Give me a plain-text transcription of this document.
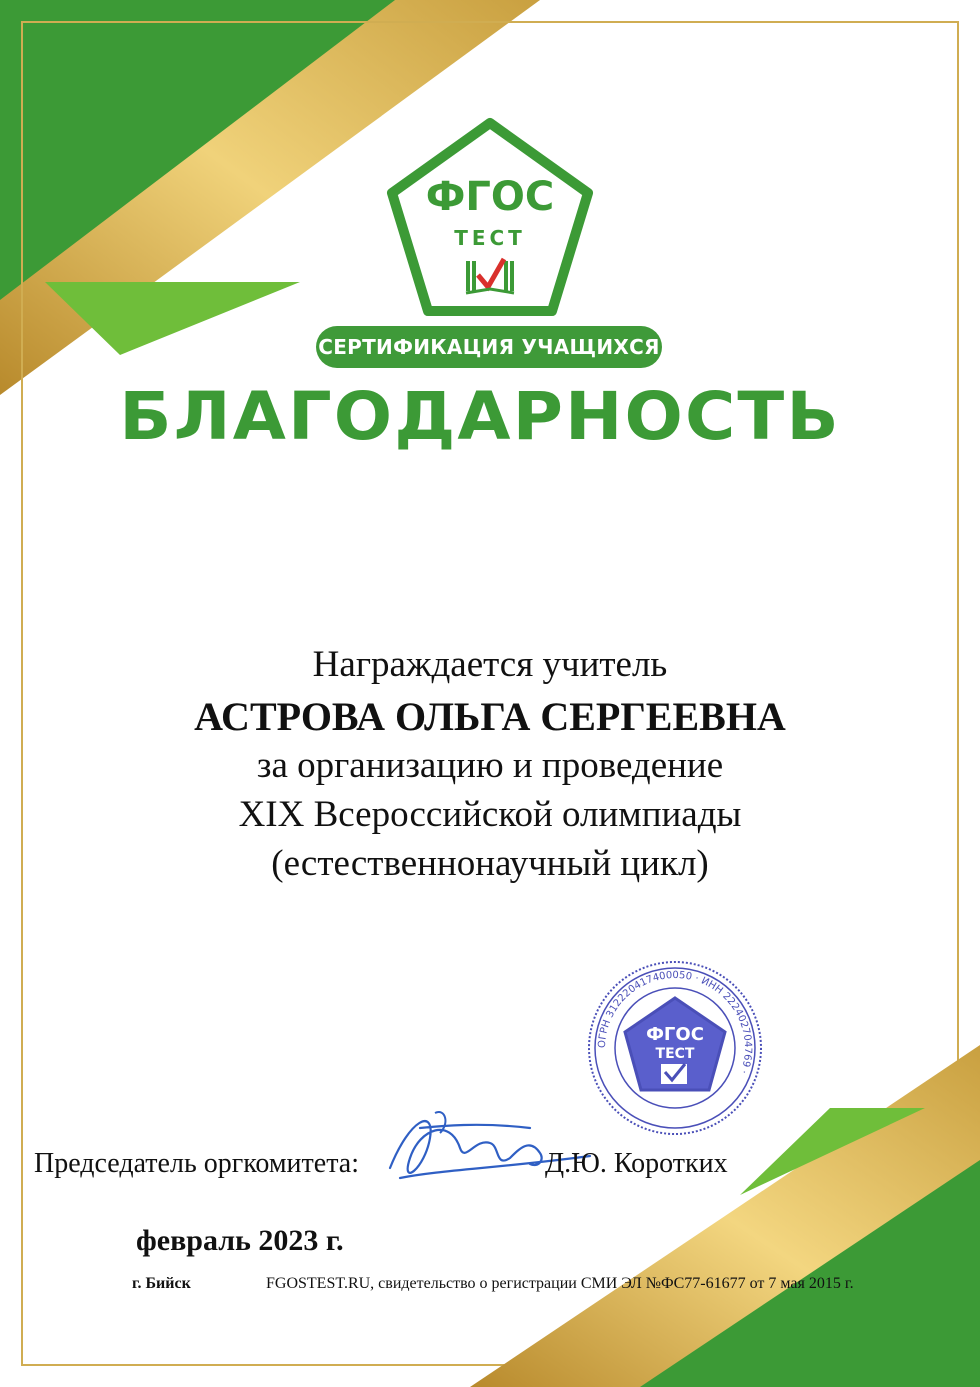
ФГОС
ТЕСТ
СЕРТИФИКАЦИЯ УЧАЩИХСЯ
БЛАГОДАРНОСТЬ
Награждается учитель
АСТРОВА ОЛЬГА СЕРГЕЕВНА
за организацию и проведение
XIX Всероссийской олимпиады
(естественнонаучный цикл)
ОГРН 312220417400050 · ИНН 222402704769 ·
ФГОС
ТЕСТ
Председатель оргкомитета:	Д.Ю. Коротких
февраль 2023 г.
г. Бийск	FGOSTEST.RU, свидетельство о регистрации СМИ ЭЛ №ФС77-61677 от 7 мая 2015 г.
